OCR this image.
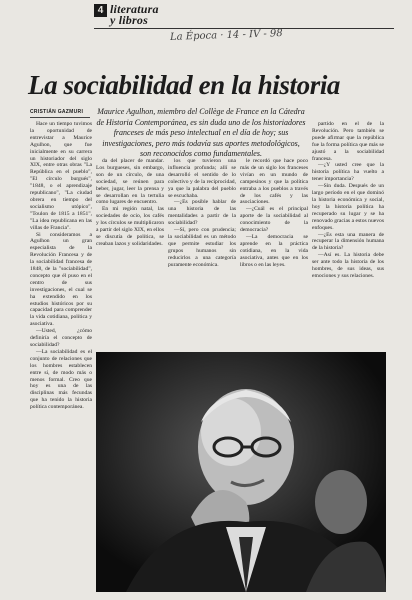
4 literatura
y libros
La Época · 14 - IV - 98
La sociabilidad en la historia
CRISTIÁN GAZMURI Maurice Agulhon, miembro del Collège de France en la Cátedra de Historia Contemporánea, es sin duda uno de los historiadores franceses de más peso intelectual en el día de hoy; sus investigaciones, pero más todavía sus aportes metodológicos, son reconocidos como fundamentales.

Hace un tiempo tuvimos la oportunidad de entrevistar a Maurice Agulhon, que fue inicialmente en su carrera un historiador del siglo XIX, entre otras obras "La República en el pueblo", "El círculo burgués", "1848, o el aprendizaje republicano", "La ciudad obrera en tiempo del socialismo utópico", "Toulon de 1815 a 1851", "La idea republicana en las villas de Francia".

Si consideramos a Agulhon un gran especialista de la Revolución Francesa y de la sociabilidad francesa de 1848, de la "sociabilidad", concepto que él puso en el centro de sus investigaciones, el cual se ha extendido en los estudios históricos por su capacidad para comprender la vida cotidiana, política y asociativa.

—Usted, ¿cómo definiría el concepto de sociabilidad?

—La sociabilidad es el conjunto de relaciones que los hombres establecen entre sí, de modo más o menos formal. Creo que hoy es una de las disciplinas más fecundas que ha tenido la historia política contemporánea.

da del placer de mandar. Los burgueses, sin embargo, son de un círculo, de una sociedad, se reúnen para beber, jugar, leer la prensa y se desarrollan en la tertulia como lugares de encuentro.

En mi región natal, las sociedades de ocio, los cafés y los círculos se multiplicaron a partir del siglo XIX, en ellos se discutía de política, se creaban lazos y solidaridades.

los que tuvieron una influencia profunda; allí se desarrolló el sentido de lo colectivo y de la reciprocidad, ya que la palabra del pueblo se escuchaba.

—¿Es posible hablar de una historia de las mentalidades a partir de la sociabilidad?

—Sí, pero con prudencia; la sociabilidad es un método que permite estudiar los grupos humanos sin reducirlos a una categoría puramente económica.

le recordó que hace poco más de un siglo los franceses vivían en un mundo de campesinos y que la política entraba a los pueblos a través de los cafés y las asociaciones.

—¿Cuál es el principal aporte de la sociabilidad al conocimiento de la democracia?

—La democracia se aprende en la práctica cotidiana, en la vida asociativa, antes que en los libros o en las leyes.

partido en el de la Revolución. Pero también se puede afirmar que la república fue la forma política que más se ajustó a la sociabilidad francesa.

—¿Y usted cree que la historia política ha vuelto a tener importancia?

—Sin duda. Después de un largo período en el que dominó la historia económica y social, hoy la historia política ha recuperado su lugar y se ha renovado gracias a estos nuevos enfoques.

—¿Es esta una manera de recuperar la dimensión humana de la historia?

—Así es. La historia debe ser ante todo la historia de los hombres, de sus ideas, sus emociones y sus relaciones.
